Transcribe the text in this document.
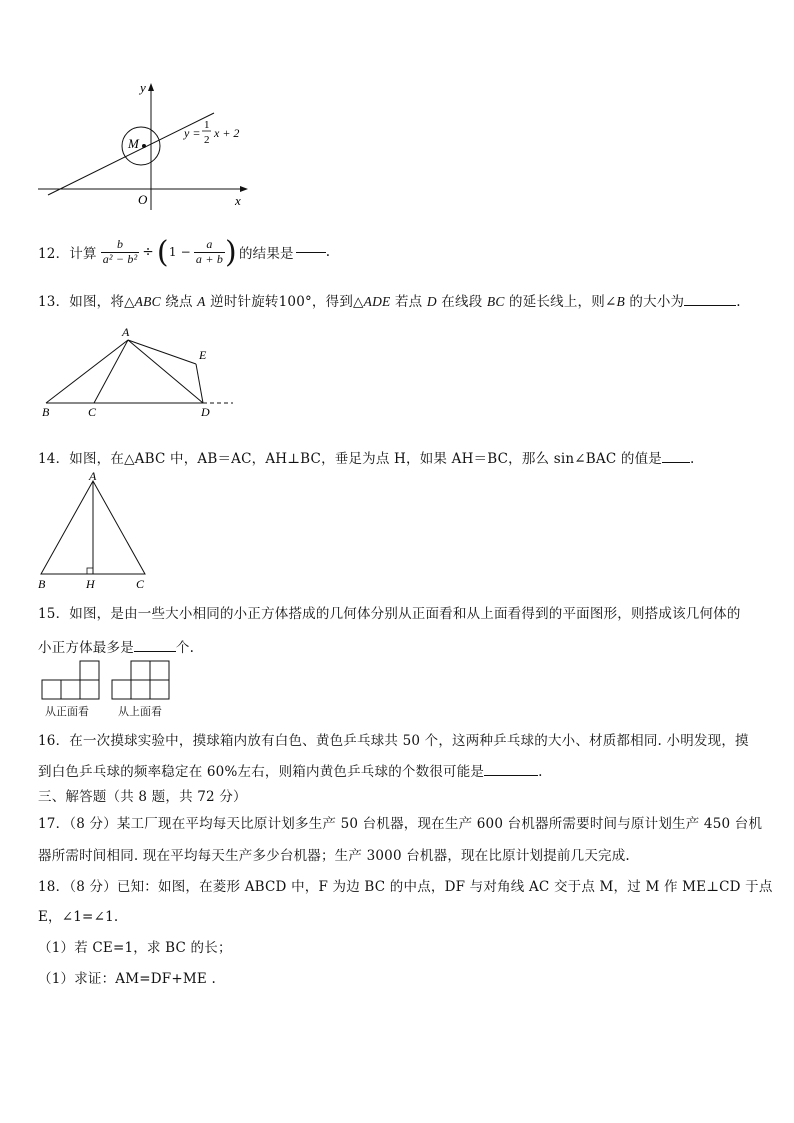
M
y
x
O
y =
1
2 x + 2
12．计算 $\frac{b}{\text{a² − b²}}$ ÷ ( $1 - \frac{a}{a + b}$ ) 的结果是 .
13．如图，将△ABC 绕点 A 逆时针旋转100°，得到△ADE 若点 D 在线段 BC 的延长线上，则∠B 的大小为	.
A
B	C	D
E
14．如图，在△ABC 中，AB＝AC，AH⊥BC，垂足为点 H，如果 AH＝BC，那么 sin∠BAC 的值是 .
A
B	H	C
15．如图，是由一些大小相同的小正方体搭成的几何体分别从正面看和从上面看得到的平面图形，则搭成该几何体的
小正方体最多是	个.
从正面看	从上面看
16．在一次摸球实验中，摸球箱内放有白色、黄色乒乓球共 50 个，这两种乒乓球的大小、材质都相同. 小明发现，摸
到白色乒乓球的频率稳定在 60%左右，则箱内黄色乒乓球的个数很可能是	.
三、解答题（共 8 题，共 72 分）
17．（8 分）某工厂现在平均每天比原计划多生产 50 台机器，现在生产 600 台机器所需要时间与原计划生产 450 台机
器所需时间相同. 现在平均每天生产多少台机器；生产 3000 台机器，现在比原计划提前几天完成.
18．（8 分）已知：如图，在菱形 ABCD 中，F 为边 BC 的中点，DF 与对角线 AC 交于点 M，过 M 作 ME⊥CD 于点
E，∠1=∠1.
（1）若 CE=1，求 BC 的长；
（1）求证：AM=DF+ME .
